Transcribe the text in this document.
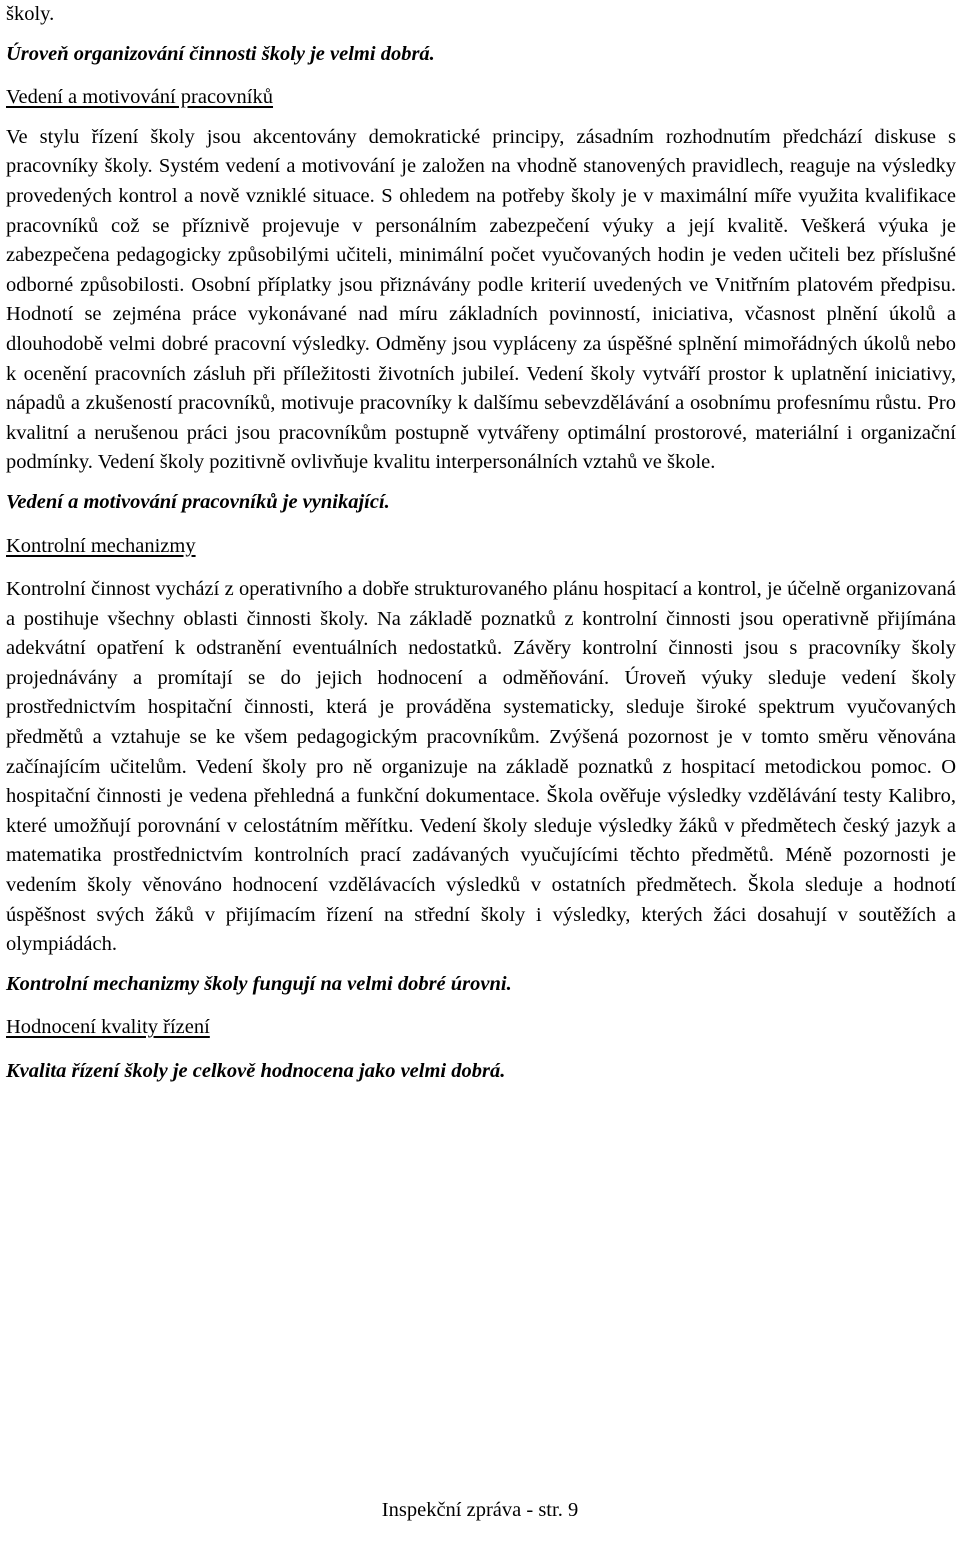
školy.

Úroveň organizování činnosti školy je velmi dobrá.

Vedení a motivování pracovníků

Ve stylu řízení školy jsou akcentovány demokratické principy, zásadním rozhodnutím předchází diskuse s pracovníky školy. Systém vedení a motivování je založen na vhodně stanovených pravidlech, reaguje na výsledky provedených kontrol a nově vzniklé situace. S ohledem na potřeby školy je v maximální míře využita kvalifikace pracovníků což se příznivě projevuje v personálním zabezpečení výuky a její kvalitě. Veškerá výuka je zabezpečena pedagogicky způsobilými učiteli, minimální počet vyučovaných hodin je veden učiteli bez příslušné odborné způsobilosti. Osobní příplatky jsou přiznávány podle kriterií uvedených ve Vnitřním platovém předpisu. Hodnotí se zejména práce vykonávané nad míru základních povinností, iniciativa, včasnost plnění úkolů a dlouhodobě velmi dobré pracovní výsledky. Odměny jsou vypláceny za úspěšné splnění mimořádných úkolů nebo k ocenění pracovních zásluh při příležitosti životních jubileí. Vedení školy vytváří prostor k uplatnění iniciativy, nápadů a zkušeností pracovníků, motivuje pracovníky k dalšímu sebevzdělávání a osobnímu profesnímu růstu. Pro kvalitní a nerušenou práci jsou pracovníkům postupně vytvářeny optimální prostorové, materiální i organizační podmínky. Vedení školy pozitivně ovlivňuje kvalitu interpersonálních vztahů ve škole.

Vedení a motivování pracovníků je vynikající.

Kontrolní mechanizmy

Kontrolní činnost vychází z operativního a dobře strukturovaného plánu hospitací a kontrol, je účelně organizovaná a postihuje všechny oblasti činnosti školy. Na základě poznatků z kontrolní činnosti jsou operativně přijímána adekvátní opatření k odstranění eventuálních nedostatků. Závěry kontrolní činnosti jsou s pracovníky školy projednávány a promítají se do jejich hodnocení a odměňování. Úroveň výuky sleduje vedení školy prostřednictvím hospitační činnosti, která je prováděna systematicky, sleduje široké spektrum vyučovaných předmětů a vztahuje se ke všem pedagogickým pracovníkům. Zvýšená pozornost je v tomto směru věnována začínajícím učitelům. Vedení školy pro ně organizuje na základě poznatků z hospitací metodickou pomoc. O hospitační činnosti je vedena přehledná a funkční dokumentace. Škola ověřuje výsledky vzdělávání testy Kalibro, které umožňují porovnání v celostátním měřítku. Vedení školy sleduje výsledky žáků v předmětech český jazyk a matematika prostřednictvím kontrolních prací zadávaných vyučujícími těchto předmětů. Méně pozornosti je vedením školy věnováno hodnocení vzdělávacích výsledků v ostatních předmětech. Škola sleduje a hodnotí úspěšnost svých žáků v přijímacím řízení na střední školy i výsledky, kterých žáci dosahují v soutěžích a olympiádách.

Kontrolní mechanizmy školy fungují na velmi dobré úrovni.

Hodnocení kvality řízení

Kvalita řízení školy je celkově hodnocena jako velmi dobrá.

Inspekční zpráva - str. 9
